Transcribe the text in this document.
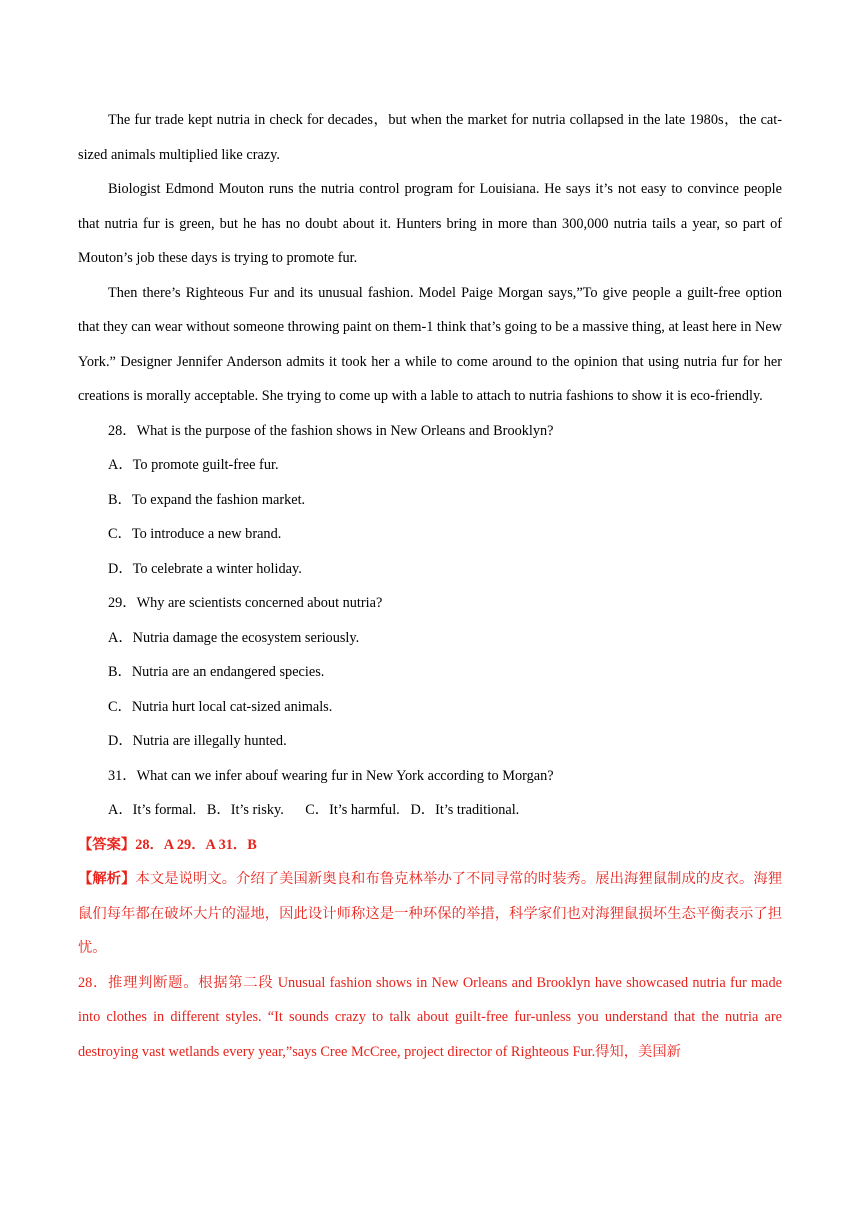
The fur trade kept nutria in check for decades，but when the market for nutria collapsed in the late 1980s，the cat-sized animals multiplied like crazy.

Biologist Edmond Mouton runs the nutria control program for Louisiana. He says it’s not easy to convince people that nutria fur is green, but he has no doubt about it. Hunters bring in more than 300,000 nutria tails a year, so part of Mouton’s job these days is trying to promote fur.

Then there’s Righteous Fur and its unusual fashion. Model Paige Morgan says,”To give people a guilt-free option that they can wear without someone throwing paint on them-1 think that’s going to be a massive thing, at least here in New York.” Designer Jennifer Anderson admits it took her a while to come around to the opinion that using nutria fur for her creations is morally acceptable. She trying to come up with a lable to attach to nutria fashions to show it is eco-friendly.

28．What is the purpose of the fashion shows in New Orleans and Brooklyn?

A．To promote guilt-free fur.

B．To expand the fashion market.

C．To introduce a new brand.

D．To celebrate a winter holiday.

29．Why are scientists concerned about nutria?

A．Nutria damage the ecosystem seriously.

B．Nutria are an endangered species.

C．Nutria hurt local cat-sized animals.

D．Nutria are illegally hunted.

31．What can we infer abouf wearing fur in New York according to Morgan?

A．It’s formal.   B．It’s risky.      C．It’s harmful.   D．It’s traditional.

【答案】28．A 29．A 31．B

【解析】本文是说明文。介绍了美国新奥良和布鲁克林举办了不同寻常的时装秀。展出海狸鼠制成的皮衣。海狸鼠们每年都在破坏大片的湿地，因此设计师称这是一种环保的举措，科学家们也对海狸鼠损坏生态平衡表示了担忧。

28．推理判断题。根据第二段 Unusual fashion shows in New Orleans and Brooklyn have showcased nutria fur made into clothes in different styles. “It sounds crazy to talk about guilt-free fur-unless you understand that the nutria are destroying vast wetlands every year,”says Cree McCree, project director of Righteous Fur.得知，美国新
